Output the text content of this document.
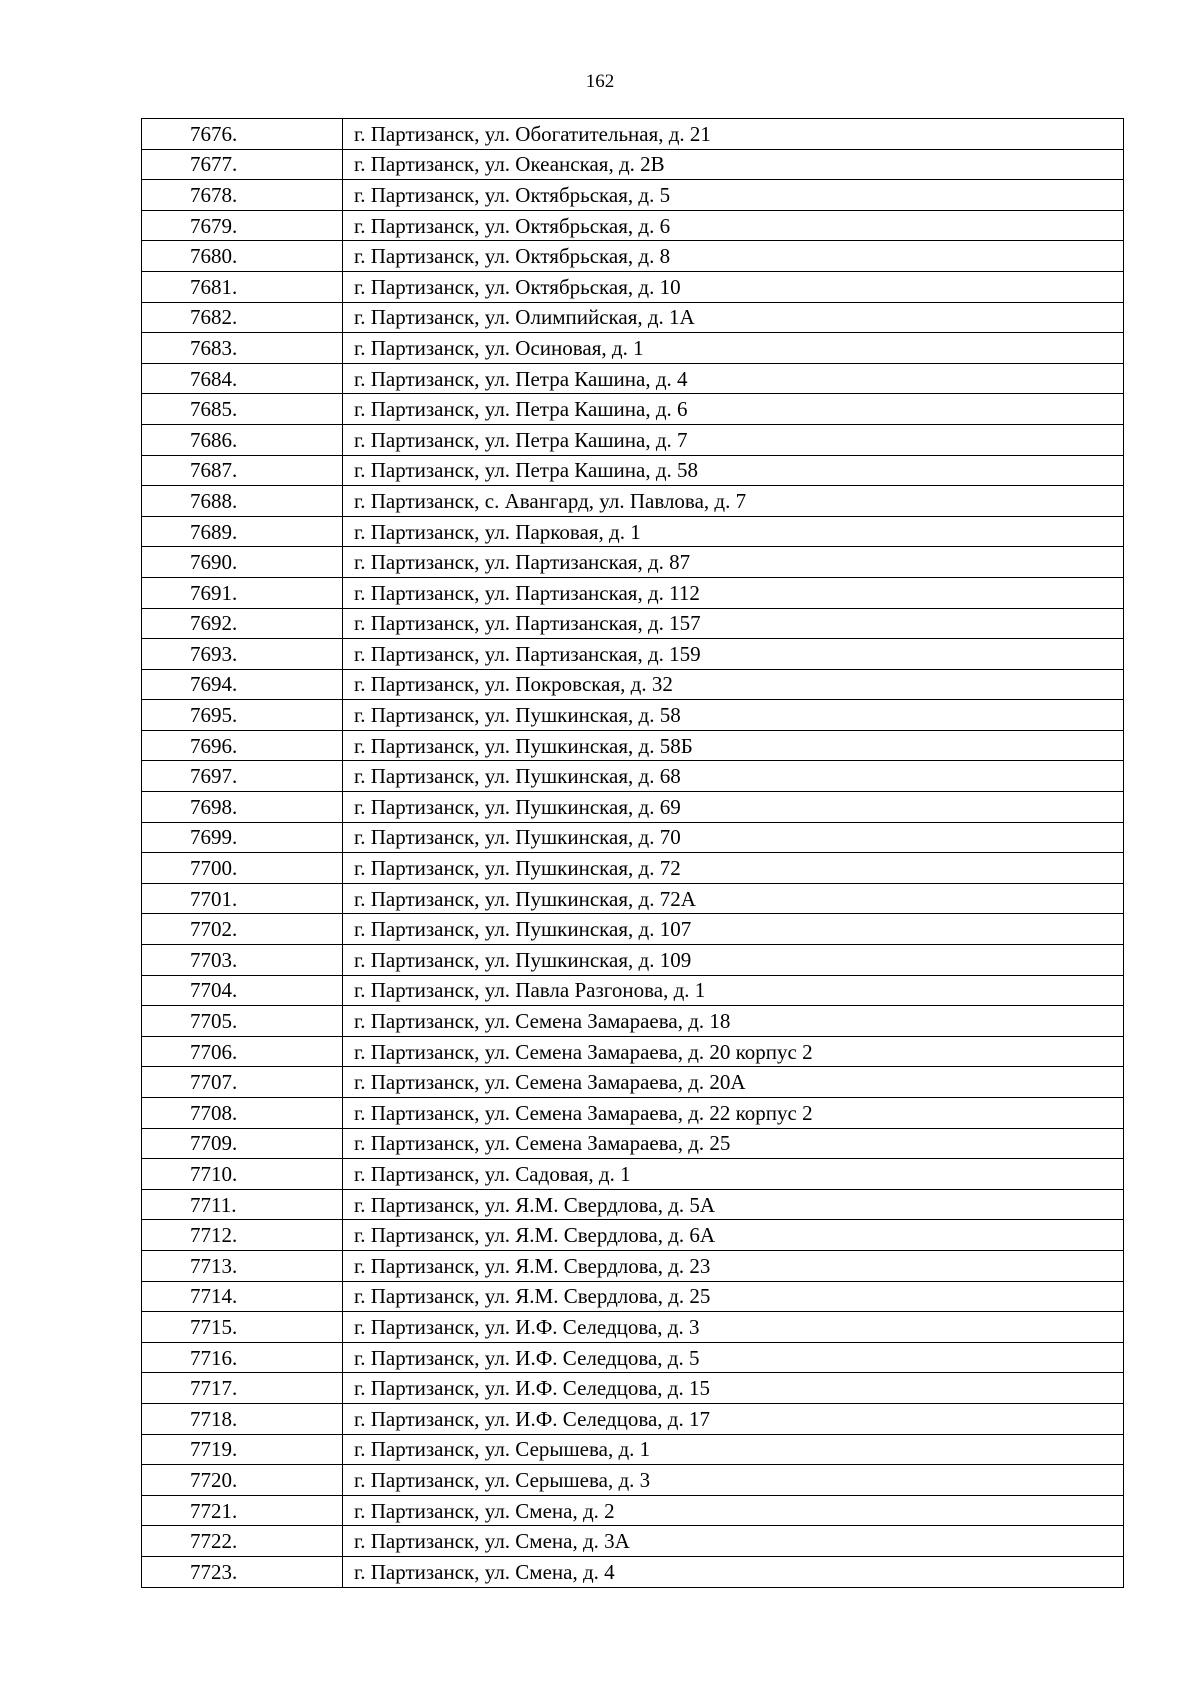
162
7676.	г. Партизанск, ул. Обогатительная, д. 21
7677.	г. Партизанск, ул. Океанская, д. 2В
7678.	г. Партизанск, ул. Октябрьская, д. 5
7679.	г. Партизанск, ул. Октябрьская, д. 6
7680.	г. Партизанск, ул. Октябрьская, д. 8
7681.	г. Партизанск, ул. Октябрьская, д. 10
7682.	г. Партизанск, ул. Олимпийская, д. 1А
7683.	г. Партизанск, ул. Осиновая, д. 1
7684.	г. Партизанск, ул. Петра Кашина, д. 4
7685.	г. Партизанск, ул. Петра Кашина, д. 6
7686.	г. Партизанск, ул. Петра Кашина, д. 7
7687.	г. Партизанск, ул. Петра Кашина, д. 58
7688.	г. Партизанск, с. Авангард, ул. Павлова, д. 7
7689.	г. Партизанск, ул. Парковая, д. 1
7690.	г. Партизанск, ул. Партизанская, д. 87
7691.	г. Партизанск, ул. Партизанская, д. 112
7692.	г. Партизанск, ул. Партизанская, д. 157
7693.	г. Партизанск, ул. Партизанская, д. 159
7694.	г. Партизанск, ул. Покровская, д. 32
7695.	г. Партизанск, ул. Пушкинская, д. 58
7696.	г. Партизанск, ул. Пушкинская, д. 58Б
7697.	г. Партизанск, ул. Пушкинская, д. 68
7698.	г. Партизанск, ул. Пушкинская, д. 69
7699.	г. Партизанск, ул. Пушкинская, д. 70
7700.	г. Партизанск, ул. Пушкинская, д. 72
7701.	г. Партизанск, ул. Пушкинская, д. 72А
7702.	г. Партизанск, ул. Пушкинская, д. 107
7703.	г. Партизанск, ул. Пушкинская, д. 109
7704.	г. Партизанск, ул. Павла Разгонова, д. 1
7705.	г. Партизанск, ул. Семена Замараева, д. 18
7706.	г. Партизанск, ул. Семена Замараева, д. 20 корпус 2
7707.	г. Партизанск, ул. Семена Замараева, д. 20А
7708.	г. Партизанск, ул. Семена Замараева, д. 22 корпус 2
7709.	г. Партизанск, ул. Семена Замараева, д. 25
7710.	г. Партизанск, ул. Садовая, д. 1
7711.	г. Партизанск, ул. Я.М. Свердлова, д. 5А
7712.	г. Партизанск, ул. Я.М. Свердлова, д. 6А
7713.	г. Партизанск, ул. Я.М. Свердлова, д. 23
7714.	г. Партизанск, ул. Я.М. Свердлова, д. 25
7715.	г. Партизанск, ул. И.Ф. Селедцова, д. 3
7716.	г. Партизанск, ул. И.Ф. Селедцова, д. 5
7717.	г. Партизанск, ул. И.Ф. Селедцова, д. 15
7718.	г. Партизанск, ул. И.Ф. Селедцова, д. 17
7719.	г. Партизанск, ул. Серышева, д. 1
7720.	г. Партизанск, ул. Серышева, д. 3
7721.	г. Партизанск, ул. Смена, д. 2
7722.	г. Партизанск, ул. Смена, д. 3А
7723.	г. Партизанск, ул. Смена, д. 4
